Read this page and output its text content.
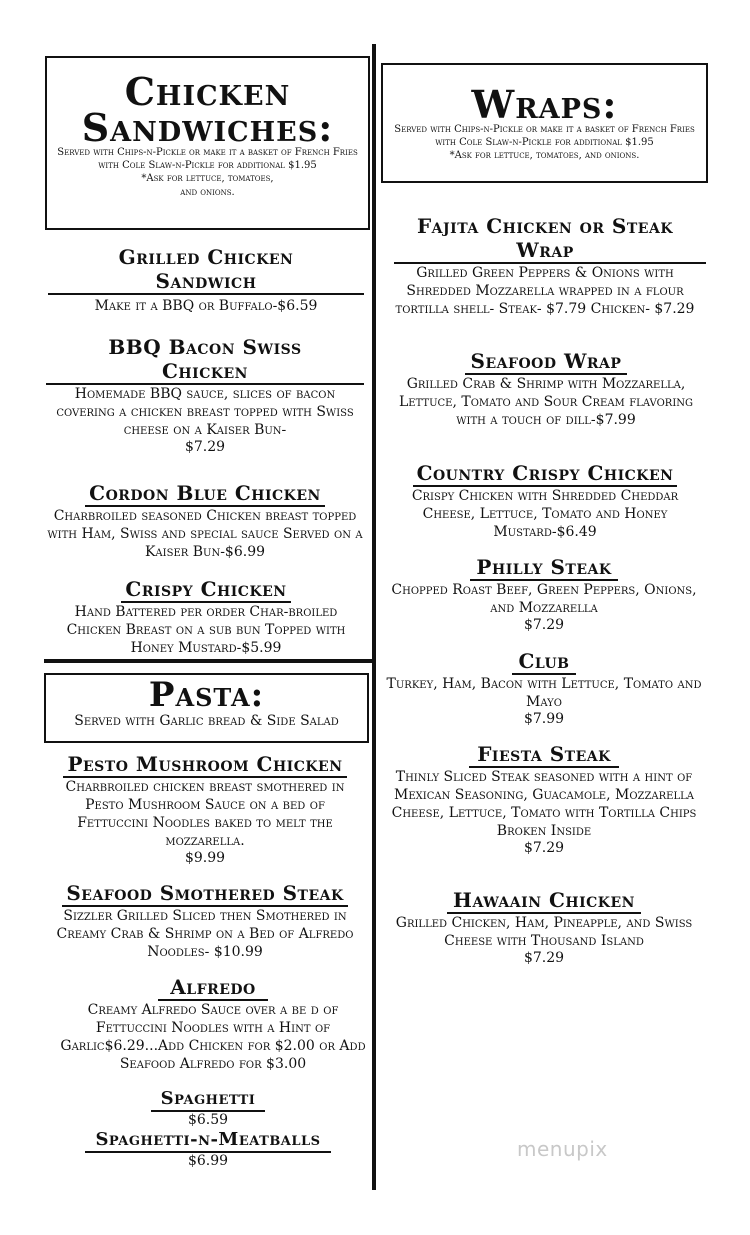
Chicken
Sandwiches:
Served with Chips-n-Pickle or make it a basket of French Fries with Cole Slaw-n-Pickle for additional $1.95
*Ask for lettuce, tomatoes,
and onions.
Grilled Chicken Sandwich
Make it a BBQ or Buffalo-$6.59
BBQ Bacon Swiss Chicken
Homemade BBQ sauce, slices of bacon covering a chicken breast topped with Swiss cheese on a Kaiser Bun-
$7.29
Cordon Blue Chicken
Charbroiled seasoned Chicken breast topped with Ham, Swiss and special sauce Served on a Kaiser Bun-$6.99
Crispy Chicken
Hand Battered per order Char-broiled Chicken Breast on a sub bun Topped with Honey Mustard-$5.99
Pasta:
Served with Garlic bread & Side Salad
Pesto Mushroom Chicken
Charbroiled chicken breast smothered in Pesto Mushroom Sauce on a bed of Fettuccini Noodles baked to melt the mozzarella.
$9.99
Seafood Smothered Steak
Sizzler Grilled Sliced then Smothered in Creamy Crab & Shrimp on a Bed of Alfredo Noodles- $10.99
Alfredo
Creamy Alfredo Sauce over a be d of Fettuccini Noodles with a Hint of Garlic$6.29...Add Chicken for $2.00 or Add Seafood Alfredo for $3.00
Spaghetti
$6.59
Spaghetti-n-Meatballs
$6.99
Wraps:
Served with Chips-n-Pickle or make it a basket of French Fries with Cole Slaw-n-Pickle for additional $1.95
*Ask for lettuce, tomatoes, and onions.
Fajita Chicken or Steak Wrap
Grilled Green Peppers & Onions with Shredded Mozzarella wrapped in a flour tortilla shell- Steak- $7.79 Chicken- $7.29
Seafood Wrap
Grilled Crab & Shrimp with Mozzarella, Lettuce, Tomato and Sour Cream flavoring with a touch of dill-$7.99
Country Crispy Chicken
Crispy Chicken with Shredded Cheddar Cheese, Lettuce, Tomato and Honey Mustard-$6.49
Philly Steak
Chopped Roast Beef, Green Peppers, Onions, and Mozzarella
$7.29
Club
Turkey, Ham, Bacon with Lettuce, Tomato and Mayo
$7.99
Fiesta Steak
Thinly Sliced Steak seasoned with a hint of Mexican Seasoning, Guacamole, Mozzarella Cheese, Lettuce, Tomato with Tortilla Chips Broken Inside
$7.29
Hawaain Chicken
Grilled Chicken, Ham, Pineapple, and Swiss Cheese with Thousand Island
$7.29
menupix
